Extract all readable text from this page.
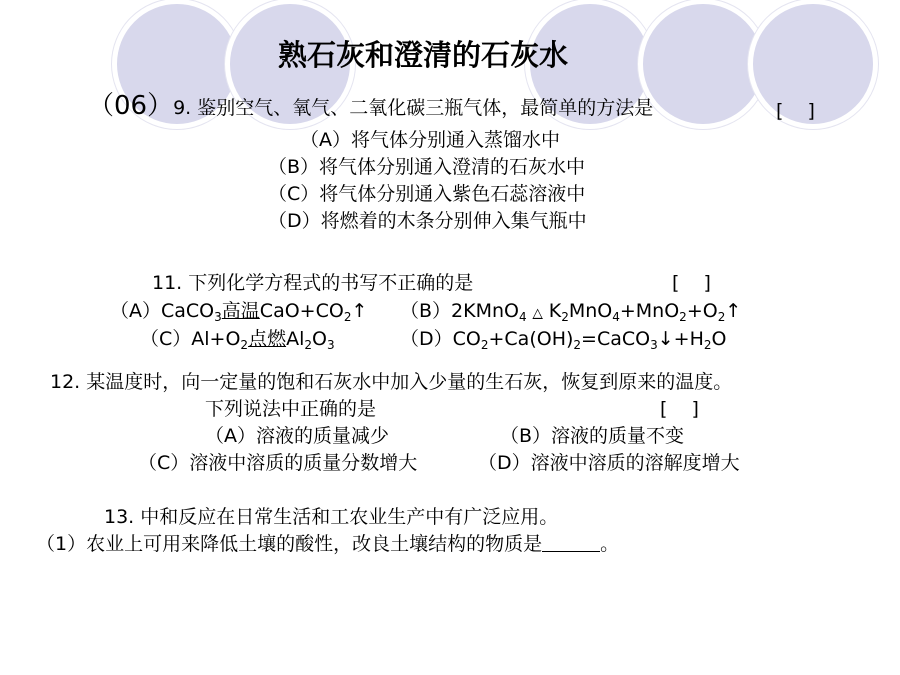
熟石灰和澄清的石灰水
（06）9. 鉴别空气、氧气、二氧化碳三瓶气体，最简单的方法是	[ ]
（A）将气体分别通入蒸馏水中
（B）将气体分别通入澄清的石灰水中
（C）将气体分别通入紫色石蕊溶液中
（D）将燃着的木条分别伸入集气瓶中
11. 下列化学方程式的书写不正确的是	[ ]
（A）CaCO$_3$高温$CaO+CO_2↑$ （B）2KMnO$_4$ △ $K_2MnO_4+MnO_2+O_2↑$
$(C)Al+O_2$点燃$Al_2O_3$	$(D)CO_2+Ca(OH)_2=CaCO_3↓+H_2O$
12. 某温度时，向一定量的饱和石灰水中加入少量的生石灰，恢复到原来的温度。
下列说法中正确的是	[ ]
（A）溶液的质量减少	（B）溶液的质量不变
（C）溶液中溶质的质量分数增大	（D）溶液中溶质的溶解度增大
13. 中和反应在日常生活和工农业生产中有广泛应用。
（1）农业上可用来降低土壤的酸性，改良土壤结构的物质是	。
